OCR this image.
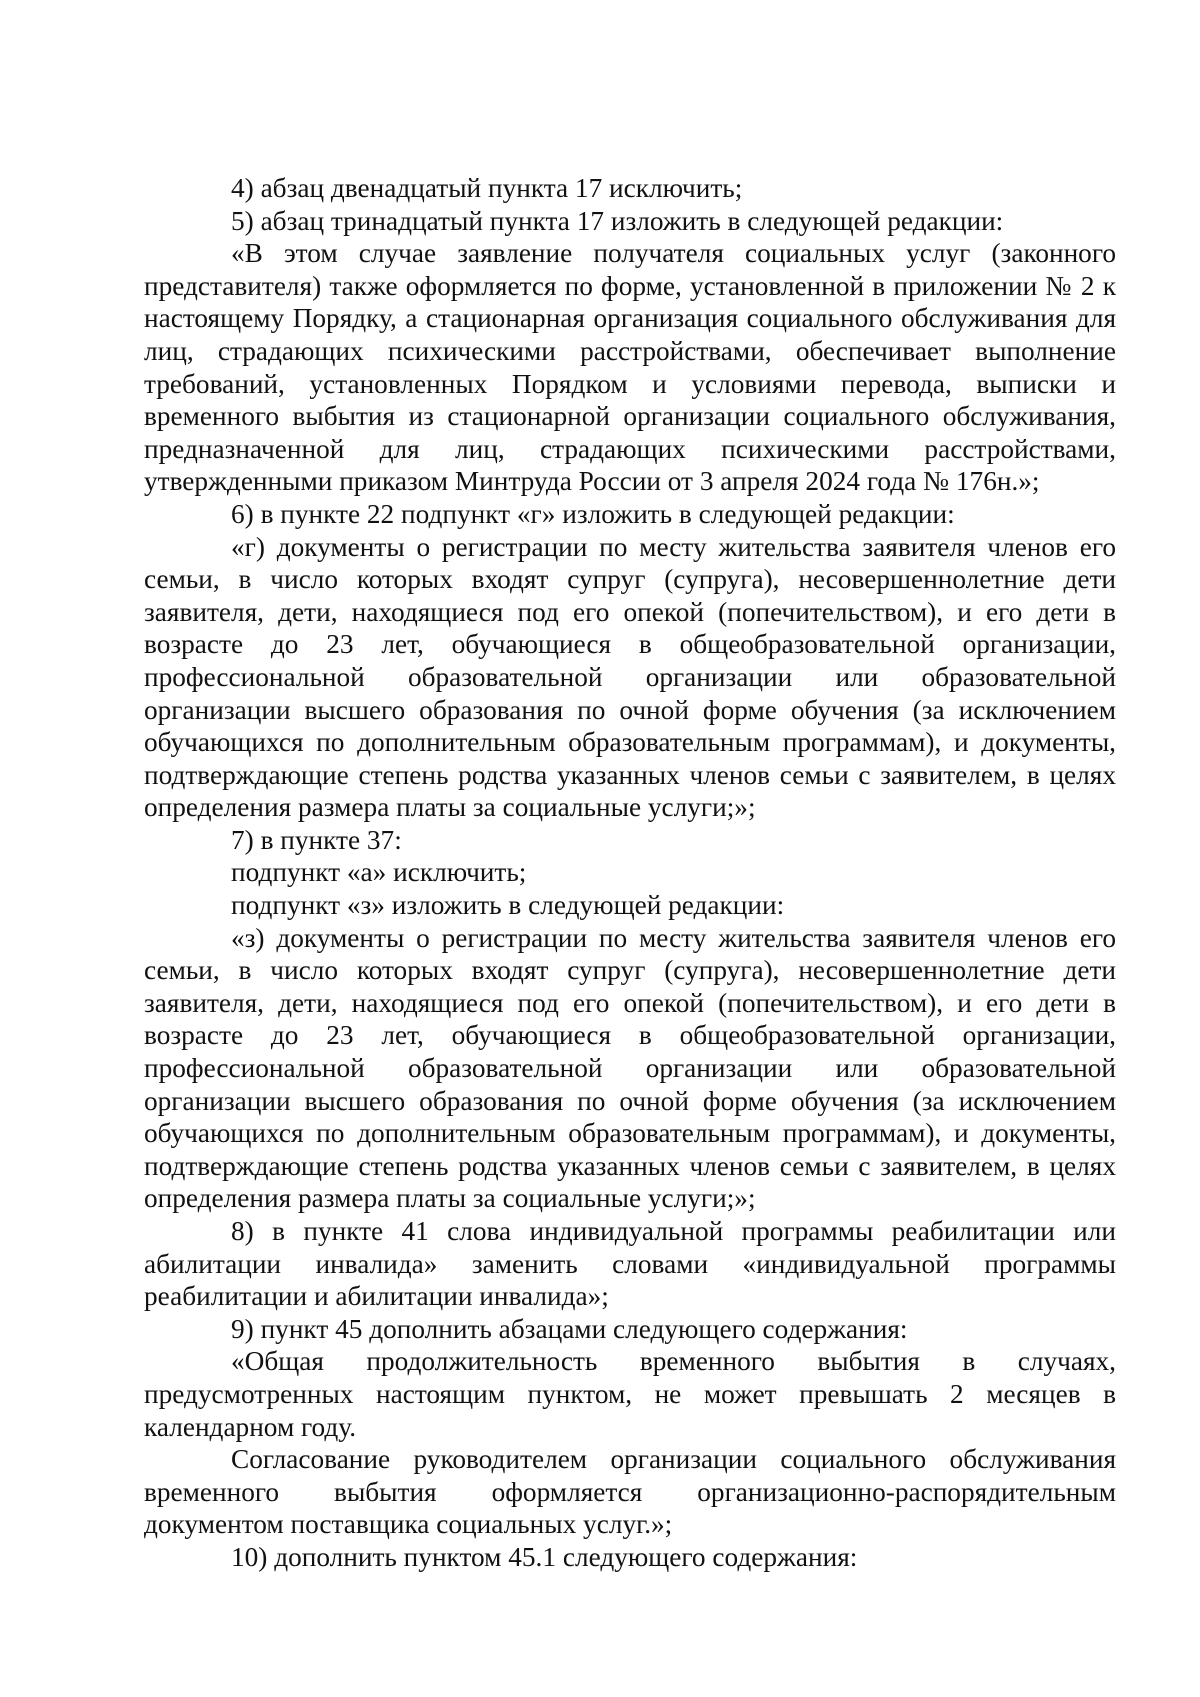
4) абзац двенадцатый пункта 17 исключить;

5) абзац тринадцатый пункта 17 изложить в следующей редакции:

«В этом случае заявление получателя социальных услуг (законного представителя) также оформляется по форме, установленной в приложении № 2 к настоящему Порядку, а стационарная организация социального обслуживания для лиц, страдающих психическими расстройствами, обеспечивает выполнение требований, установленных Порядком и условиями перевода, выписки и временного выбытия из стационарной организации социального обслуживания, предназначенной для лиц, страдающих психическими расстройствами, утвержденными приказом Минтруда России от 3 апреля 2024 года № 176н.»;

6) в пункте 22 подпункт «г» изложить в следующей редакции:

«г) документы о регистрации по месту жительства заявителя членов его семьи, в число которых входят супруг (супруга), несовершеннолетние дети заявителя, дети, находящиеся под его опекой (попечительством), и его дети в возрасте до 23 лет, обучающиеся в общеобразовательной организации, профессиональной образовательной организации или образовательной организации высшего образования по очной форме обучения (за исключением обучающихся по дополнительным образовательным программам), и документы, подтверждающие степень родства указанных членов семьи с заявителем, в целях определения размера платы за социальные услуги;»;

7) в пункте 37:

подпункт «а» исключить;

подпункт «з» изложить в следующей редакции:

«з) документы о регистрации по месту жительства заявителя членов его семьи, в число которых входят супруг (супруга), несовершеннолетние дети заявителя, дети, находящиеся под его опекой (попечительством), и его дети в возрасте до 23 лет, обучающиеся в общеобразовательной организации, профессиональной образовательной организации или образовательной организации высшего образования по очной форме обучения (за исключением обучающихся по дополнительным образовательным программам), и документы, подтверждающие степень родства указанных членов семьи с заявителем, в целях определения размера платы за социальные услуги;»;

8) в пункте 41 слова индивидуальной программы реабилитации или абилитации инвалида» заменить словами «индивидуальной программы реабилитации и абилитации инвалида»;

9) пункт 45 дополнить абзацами следующего содержания:

«Общая продолжительность временного выбытия в случаях, предусмотренных настоящим пунктом, не может превышать 2 месяцев в календарном году.

Согласование руководителем организации социального обслуживания временного выбытия оформляется организационно-распорядительным документом поставщика социальных услуг.»;

10) дополнить пунктом 45.1 следующего содержания:
